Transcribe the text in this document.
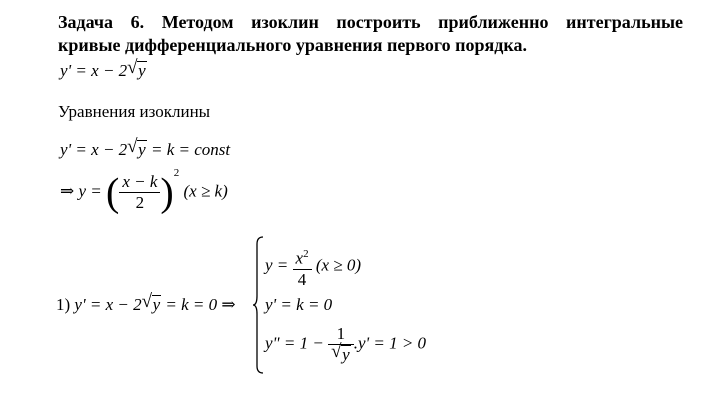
Задача 6. Методом изоклин построить приближенно интегральные
кривые дифференциального уравнения первого порядка.
y' = x − 2 √ y
Уравнения изоклины
y' = x − 2 √ y = k = const
⇒ y = ( $\frac{x - k}{2} )^2$ (x ≥ k)
1) y' = x − 2 √ y = k = 0 ⇒
$y = \frac{x^2}{4} (x \ge 0)$
y' = k = 0
y" = $1 - \frac{1}{√ y} .y' = 1 > 0$
